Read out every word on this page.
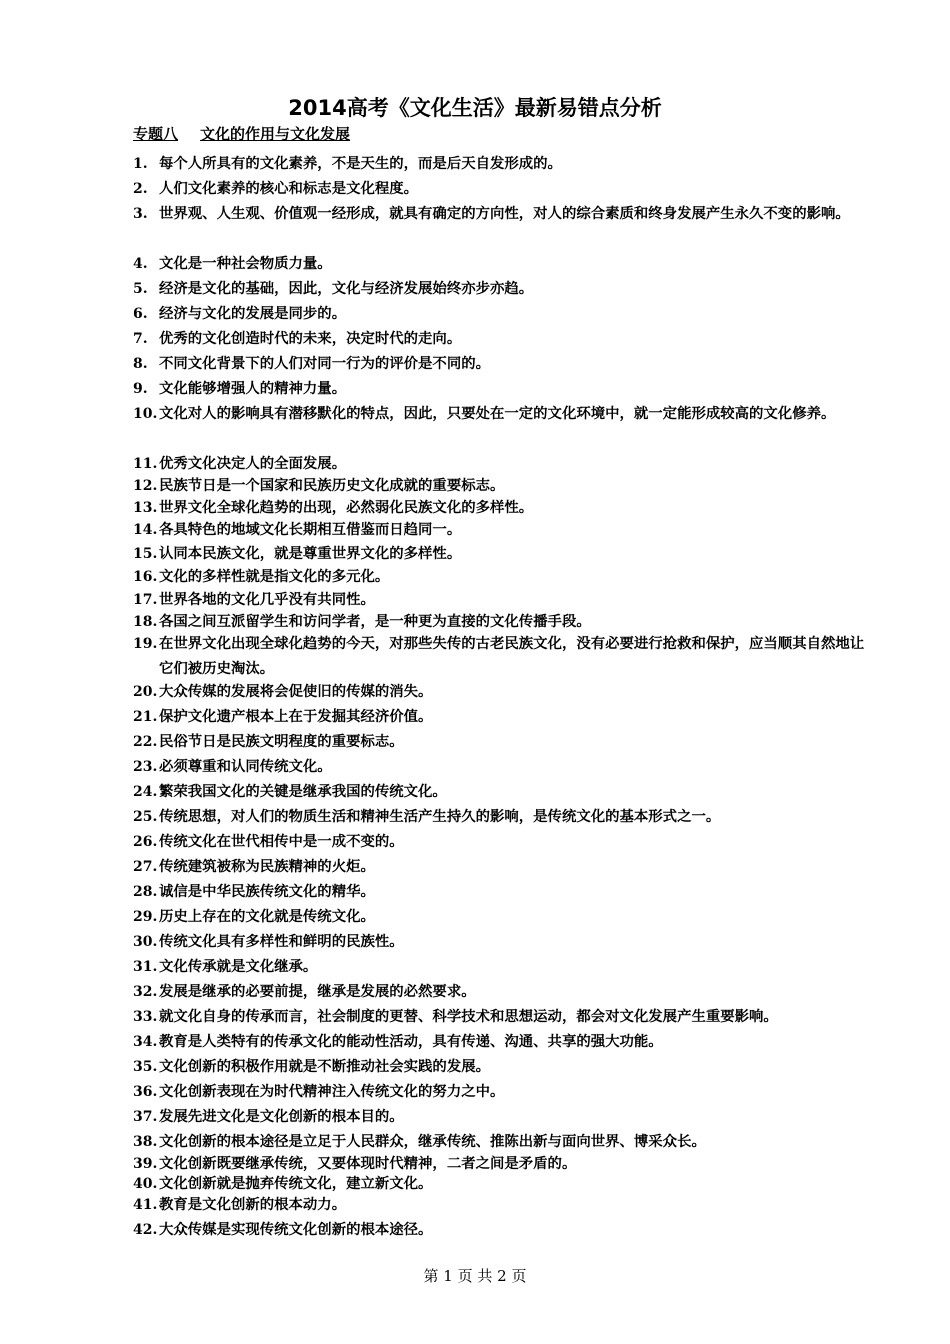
2014高考《文化生活》最新易错点分析
专题八 文化的作用与文化发展
1. 每个人所具有的文化素养，不是天生的，而是后天自发形成的。
2. 人们文化素养的核心和标志是文化程度。
3. 世界观、人生观、价值观一经形成，就具有确定的方向性，对人的综合素质和终身发展产生永久不变的影响。
4. 文化是一种社会物质力量。
5. 经济是文化的基础，因此，文化与经济发展始终亦步亦趋。
6. 经济与文化的发展是同步的。
7. 优秀的文化创造时代的未来，决定时代的走向。
8. 不同文化背景下的人们对同一行为的评价是不同的。
9. 文化能够增强人的精神力量。
10. 文化对人的影响具有潜移默化的特点，因此，只要处在一定的文化环境中，就一定能形成较高的文化修养。
11. 优秀文化决定人的全面发展。
12. 民族节日是一个国家和民族历史文化成就的重要标志。
13. 世界文化全球化趋势的出现，必然弱化民族文化的多样性。
14. 各具特色的地域文化长期相互借鉴而日趋同一。
15. 认同本民族文化，就是尊重世界文化的多样性。
16. 文化的多样性就是指文化的多元化。
17. 世界各地的文化几乎没有共同性。
18. 各国之间互派留学生和访问学者，是一种更为直接的文化传播手段。
19. 在世界文化出现全球化趋势的今天，对那些失传的古老民族文化，没有必要进行抢救和保护，应当顺其自然地让它们被历史淘汰。
20. 大众传媒的发展将会促使旧的传媒的消失。
21. 保护文化遗产根本上在于发掘其经济价值。
22. 民俗节日是民族文明程度的重要标志。
23. 必须尊重和认同传统文化。
24. 繁荣我国文化的关键是继承我国的传统文化。
25. 传统思想，对人们的物质生活和精神生活产生持久的影响，是传统文化的基本形式之一。
26. 传统文化在世代相传中是一成不变的。
27. 传统建筑被称为民族精神的火炬。
28. 诚信是中华民族传统文化的精华。
29. 历史上存在的文化就是传统文化。
30. 传统文化具有多样性和鲜明的民族性。
31. 文化传承就是文化继承。
32. 发展是继承的必要前提，继承是发展的必然要求。
33. 就文化自身的传承而言，社会制度的更替、科学技术和思想运动，都会对文化发展产生重要影响。
34. 教育是人类特有的传承文化的能动性活动，具有传递、沟通、共享的强大功能。
35. 文化创新的积极作用就是不断推动社会实践的发展。
36. 文化创新表现在为时代精神注入传统文化的努力之中。
37. 发展先进文化是文化创新的根本目的。
38. 文化创新的根本途径是立足于人民群众，继承传统、推陈出新与面向世界、博采众长。
39. 文化创新既要继承传统，又要体现时代精神，二者之间是矛盾的。
40. 文化创新就是抛弃传统文化，建立新文化。
41. 教育是文化创新的根本动力。
42. 大众传媒是实现传统文化创新的根本途径。
第 1 页 共 2 页
